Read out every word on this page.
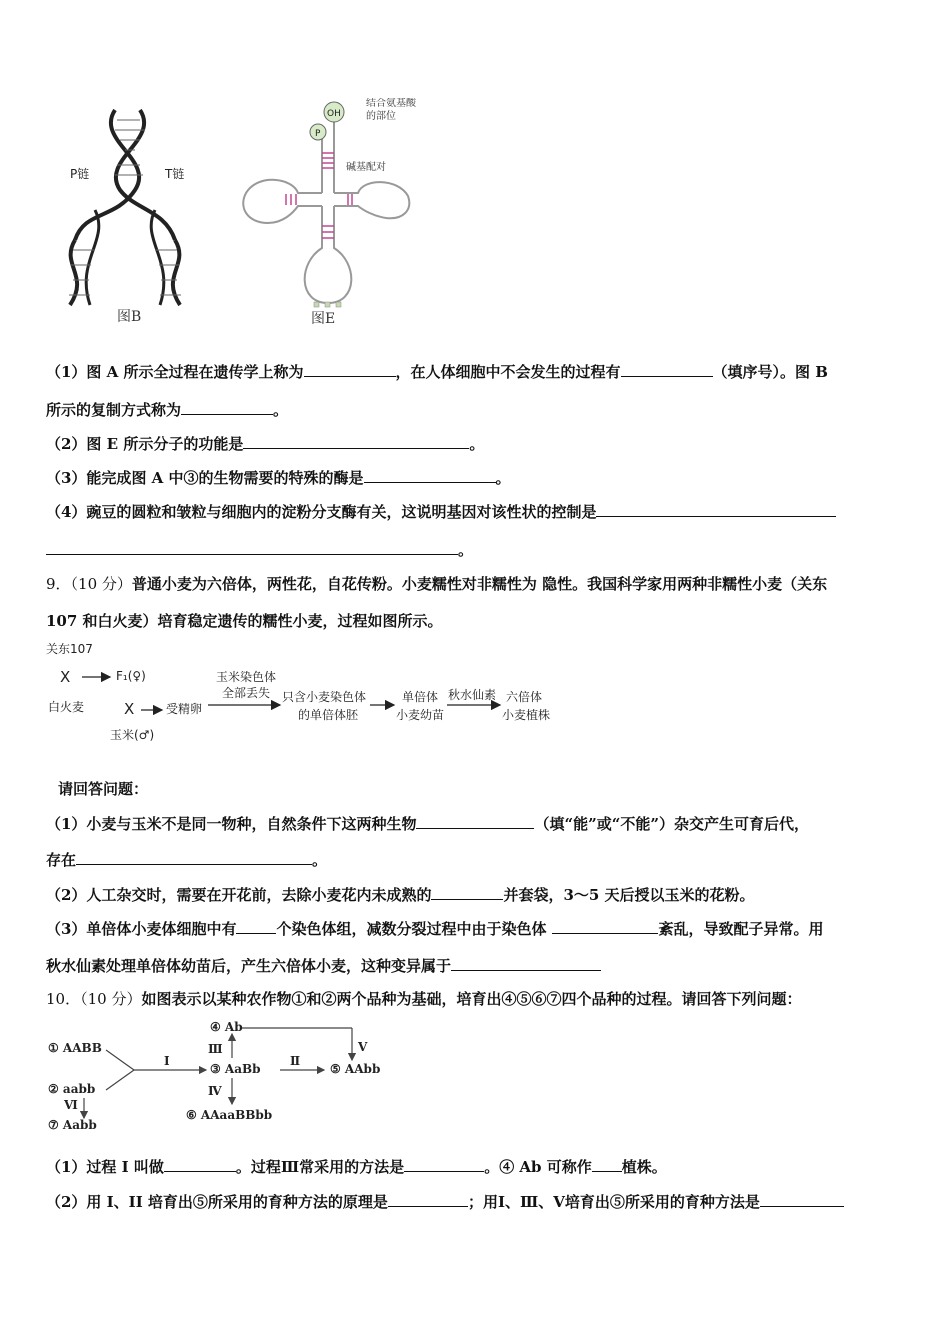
P链	T链
图B
OH
P
结合氨基酸
的部位
碱基配对
图E
（1）图 A 所示全过程在遗传学上称为	，在人体细胞中不会发生的过程有	（填序号）。图 B
所示的复制方式称为	。
（2）图 E 所示分子的功能是	。
（3）能完成图 A 中③的生物需要的特殊的酶是	。
（4）豌豆的圆粒和皱粒与细胞内的淀粉分支酶有关，这说明基因对该性状的控制是
。
9．（10 分）普通小麦为六倍体，两性花，自花传粉。小麦糯性对非糯性为 隐性。我国科学家用两种非糯性小麦（关东
107 和白火麦）培育稳定遗传的糯性小麦，过程如图所示。
关东107
X	F₁(♀)
白火麦	X
玉米(♂)
受精卵
玉米染色体
全部丢失 只含小麦染色体
的单倍体胚
单倍体
小麦幼苗
秋水仙素 六倍体
小麦植株
请回答问题：
（1）小麦与玉米不是同一物种，自然条件下这两种生物	（填“能”或“不能”）杂交产生可育后代，
存在	。
（2）人工杂交时，需要在开花前，去除小麦花内未成熟的	并套袋，3～5 天后授以玉米的花粉。
（3）单倍体小麦体细胞中有	个染色体组，减数分裂过程中由于染色体	紊乱，导致配子异常。用
秋水仙素处理单倍体幼苗后，产生六倍体小麦，这种变异属于
10．（10 分）如图表示以某种农作物①和②两个品种为基础，培育出④⑤⑥⑦四个品种的过程。请回答下列问题：
① AABB
② aabb
③ AaBb
④ Ab
⑤ AAbb
⑥ AAaaBBbb
⑦ Aabb
Ⅰ	Ⅱ
Ⅲ
Ⅳ
Ⅴ
Ⅵ
（1）过程 I 叫做	。过程Ⅲ常采用的方法是	。④ Ab 可称作 植株。
（2）用 I、II 培育出⑤所采用的育种方法的原理是	；用Ⅰ、Ⅲ、Ⅴ培育出⑤所采用的育种方法是
